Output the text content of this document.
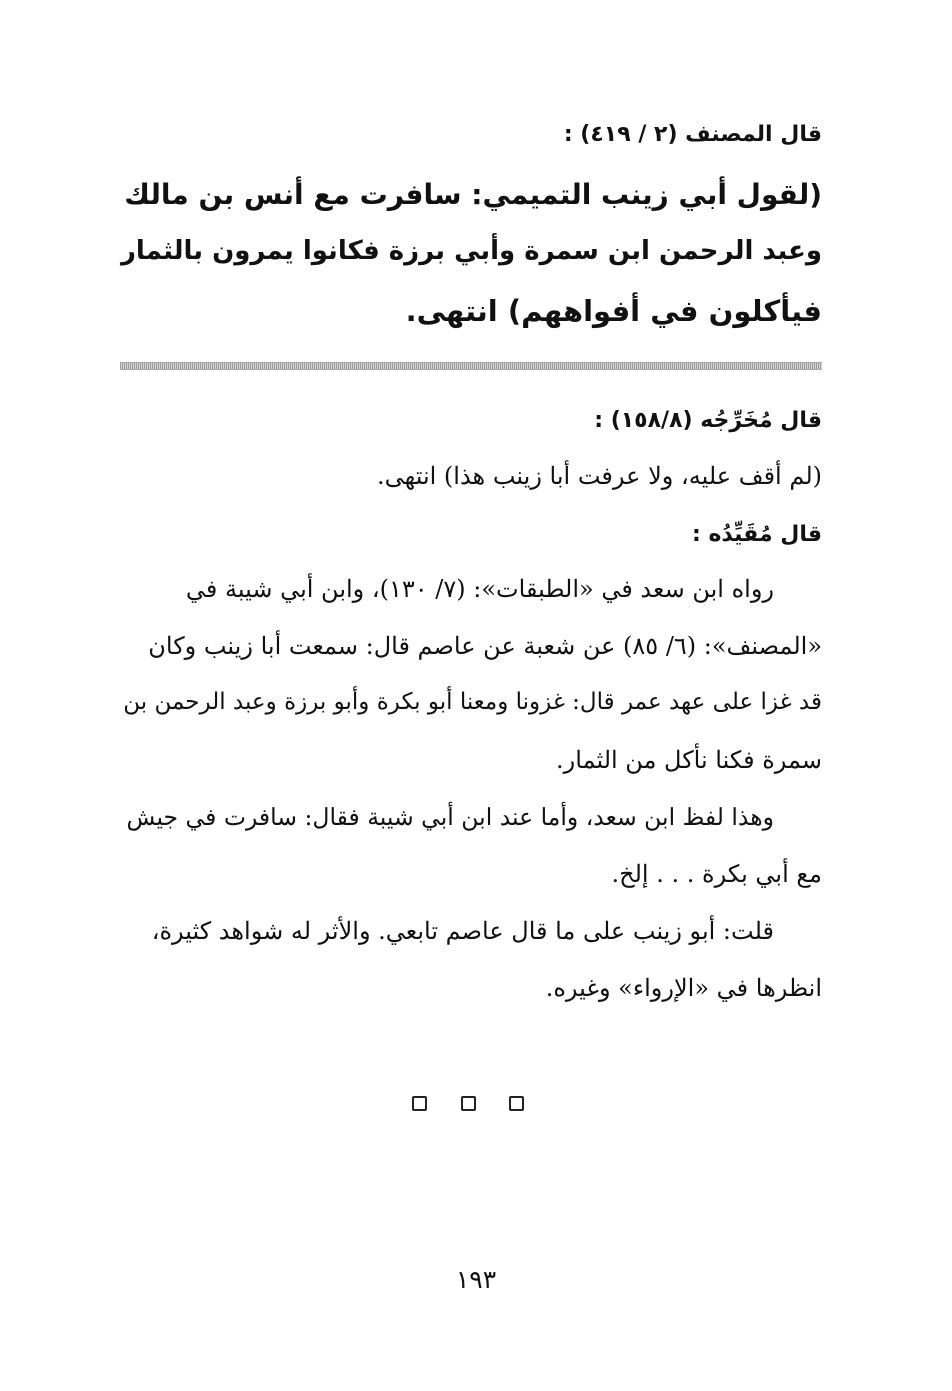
قال المصنف (٢ / ٤١٩) :
(لقول أبي زينب التميمي: سافرت مع أنس بن مالك
وعبد الرحمن ابن سمرة وأبي برزة فكانوا يمرون بالثمار
فيأكلون في أفواههم) انتهى.
قال مُخَرِّجُه (١٥٨/٨) :
(لم أقف عليه، ولا عرفت أبا زينب هذا) انتهى.
قال مُقَيِّدُه :
رواه ابن سعد في «الطبقات»: (٧/ ١٣٠)، وابن أبي شيبة في
«المصنف»: (٦/ ٨٥) عن شعبة عن عاصم قال: سمعت أبا زينب وكان
قد غزا على عهد عمر قال: غزونا ومعنا أبو بكرة وأبو برزة وعبد الرحمن بن
سمرة فكنا نأكل من الثمار.
وهذا لفظ ابن سعد، وأما عند ابن أبي شيبة فقال: سافرت في جيش
مع أبي بكرة . . . إلخ.
قلت: أبو زينب على ما قال عاصم تابعي. والأثر له شواهد كثيرة،
انظرها في «الإرواء» وغيره.
١٩٣
